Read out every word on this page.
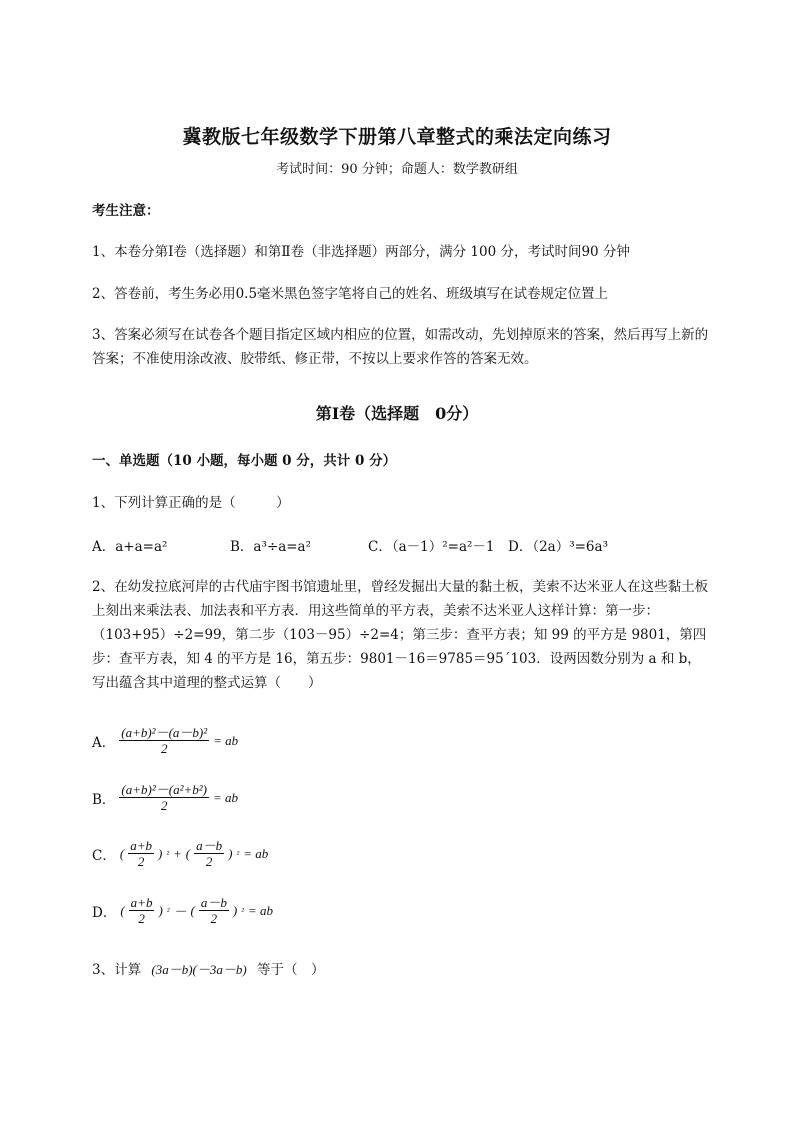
冀教版七年级数学下册第八章整式的乘法定向练习
考试时间：90 分钟；命题人：数学教研组
考生注意：
1、本卷分第Ⅰ卷（选择题）和第Ⅱ卷（非选择题）两部分，满分 100 分，考试时间90 分钟
2、答卷前，考生务必用0.5毫米黑色签字笔将自己的姓名、班级填写在试卷规定位置上
3、答案必须写在试卷各个题目指定区域内相应的位置，如需改动，先划掉原来的答案，然后再写上新的答案；不准使用涂改液、胶带纸、修正带，不按以上要求作答的答案无效。
第Ⅰ卷（选择题　0分）
一、单选题（10 小题，每小题 0 分，共计 0 分）
1、下列计算正确的是（　　　）
A．a+a=a²	B．a³÷a=a²	C．（a－1）²=a²－1 D．（2a）³=6a³
2、在幼发拉底河岸的古代庙宇图书馆遗址里，曾经发掘出大量的黏土板，美索不达米亚人在这些黏土板上刻出来乘法表、加法表和平方表．用这些简单的平方表，美索不达米亚人这样计算：第一步：（103+95）÷2=99，第二步（103－95）÷2=4；第三步：查平方表；知 99 的平方是 9801，第四步：查平方表，知 4 的平方是 16，第五步：9801－16＝9785＝95´103．设两因数分别为 a 和 b，写出蕴含其中道理的整式运算（　　）
A． $\frac{\text{(a+b)²－(a－b)²}}{2}$ = ab
B． $\frac{\text{(a+b)²－(a²+b²)}}{2}$ = ab
C． ( $\frac{a+b}{2}$ ) ² + ( $\frac{a-b}{2}$ ) ² = ab
D． ( $\frac{a+b}{2}$ ) ² － ( $\frac{a-b}{2}$ ) ² = ab
3、计算 (3a－b)(－3a－b) 等于（　）
